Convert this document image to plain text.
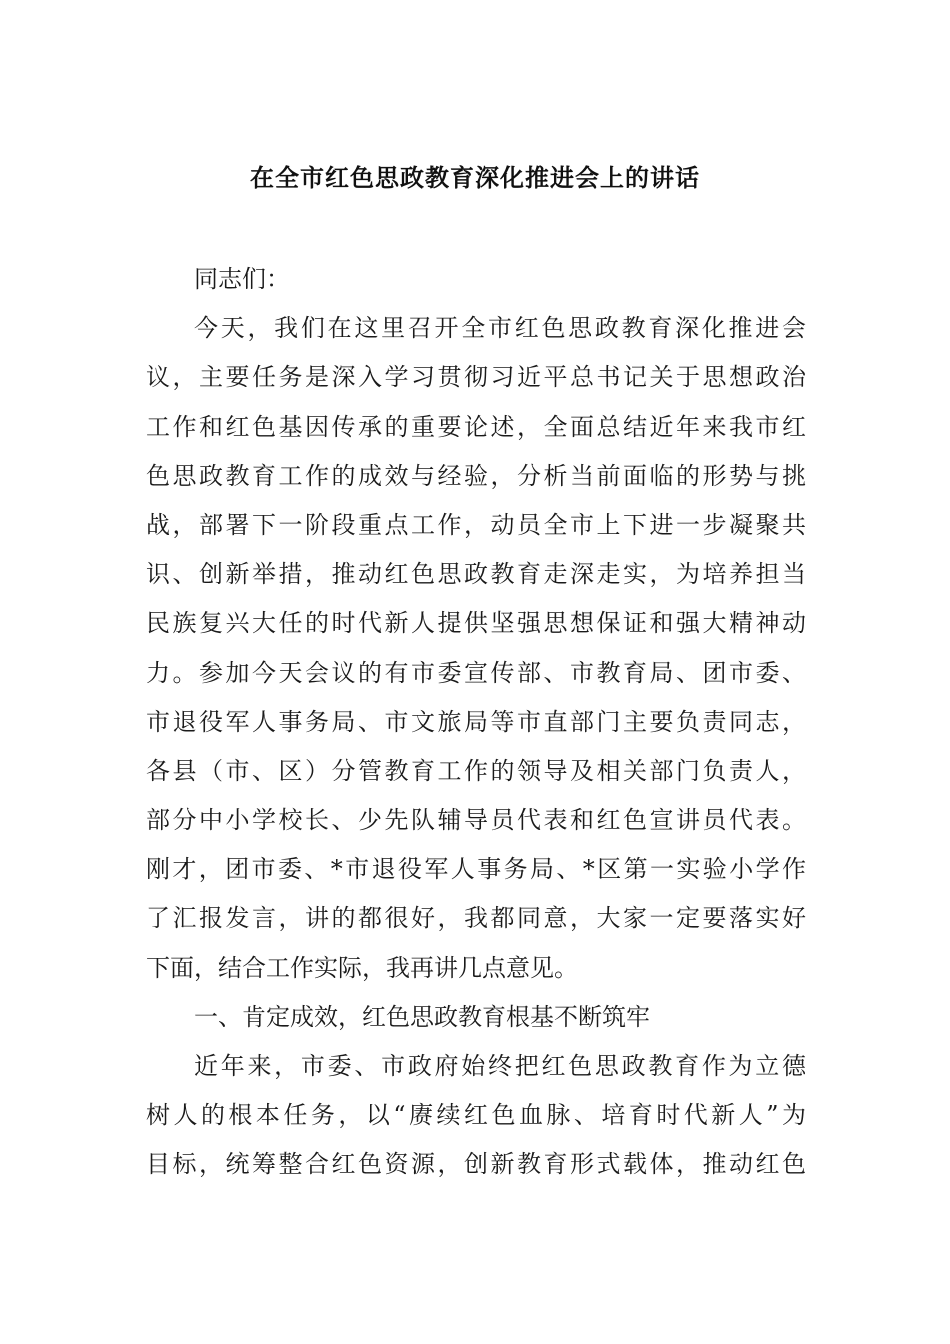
在全市红色思政教育深化推进会上的讲话
同志们：
今天，我们在这里召开全市红色思政教育深化推进会
议，主要任务是深入学习贯彻习近平总书记关于思想政治
工作和红色基因传承的重要论述，全面总结近年来我市红
色思政教育工作的成效与经验，分析当前面临的形势与挑
战，部署下一阶段重点工作，动员全市上下进一步凝聚共
识、创新举措，推动红色思政教育走深走实，为培养担当
民族复兴大任的时代新人提供坚强思想保证和强大精神动
力。参加今天会议的有市委宣传部、市教育局、团市委、
市退役军人事务局、市文旅局等市直部门主要负责同志，
各县（市、区）分管教育工作的领导及相关部门负责人，
部分中小学校长、少先队辅导员代表和红色宣讲员代表。
刚才，团市委、*市退役军人事务局、*区第一实验小学作
了汇报发言，讲的都很好，我都同意，大家一定要落实好
下面，结合工作实际，我再讲几点意见。
一、肯定成效，红色思政教育根基不断筑牢
近年来，市委、市政府始终把红色思政教育作为立德
树人的根本任务，以“赓续红色血脉、培育时代新人”为
目标，统筹整合红色资源，创新教育形式载体，推动红色
